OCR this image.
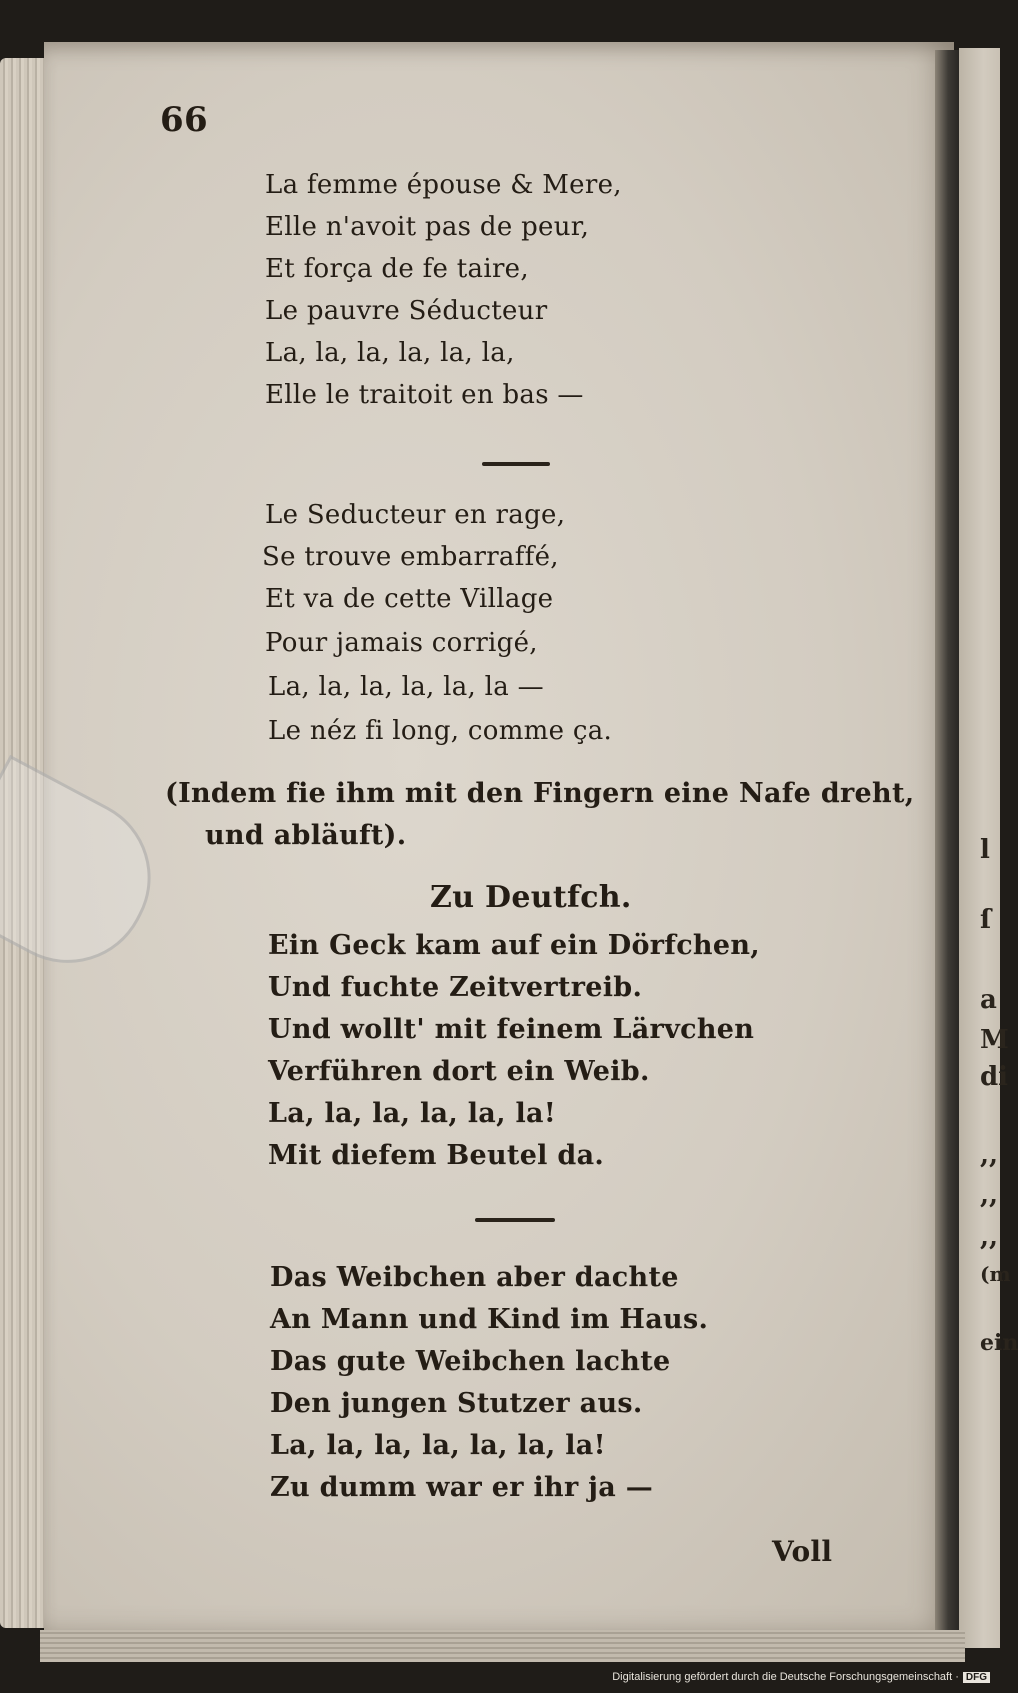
l
ſ
a
M
di
,,
,,
,,
(m
ein
66
La femme épouse & Mere,
Elle n'avoit pas de peur,
Et força de fe taire,
Le pauvre Séducteur
La, la, la, la, la, la,
Elle le traitoit en bas —
Le Seducteur en rage,
Se trouve embarraffé,
Et va de cette Village
Pour jamais corrigé,
La, la, la, la, la, la —
Le néz fi long, comme ça.
(Indem fie ihm mit den Fingern eine Nafe dreht,
und abläuft).
Zu Deutfch.
Ein Geck kam auf ein Dörfchen,
Und fuchte Zeitvertreib.
Und wollt' mit feinem Lärvchen
Verführen dort ein Weib.
La, la, la, la, la, la!
Mit diefem Beutel da.
Das Weibchen aber dachte
An Mann und Kind im Haus.
Das gute Weibchen lachte
Den jungen Stutzer aus.
La, la, la, la, la, la, la!
Zu dumm war er ihr ja —
Voll
Digitalisierung gefördert durch die Deutsche Forschungsgemeinschaft · DFG
